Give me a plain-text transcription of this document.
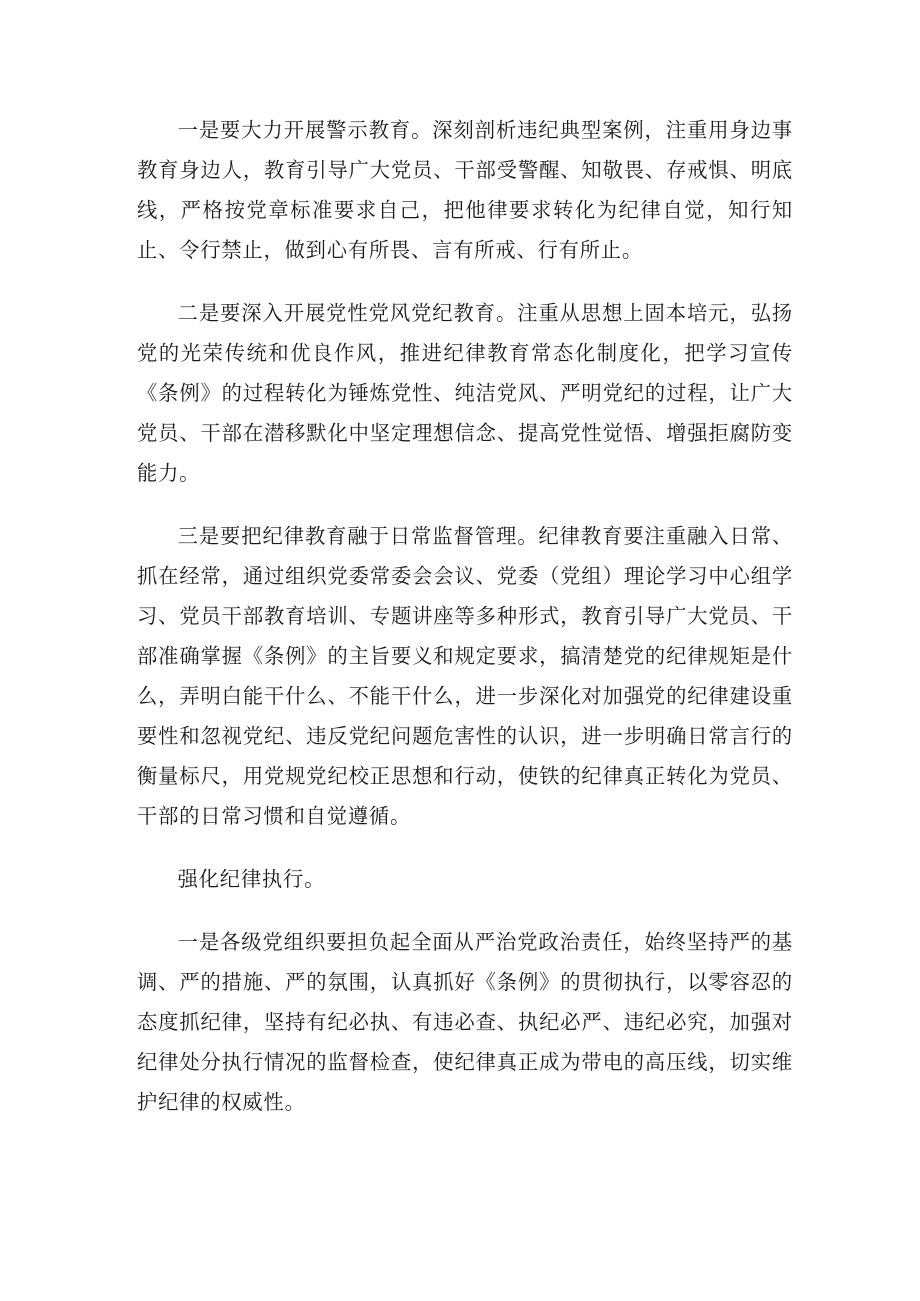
一是要大力开展警示教育。深刻剖析违纪典型案例，注重用身边事教育身边人，教育引导广大党员、干部受警醒、知敬畏、存戒惧、明底线，严格按党章标准要求自己，把他律要求转化为纪律自觉，知行知止、令行禁止，做到心有所畏、言有所戒、行有所止。

二是要深入开展党性党风党纪教育。注重从思想上固本培元，弘扬党的光荣传统和优良作风，推进纪律教育常态化制度化，把学习宣传《条例》的过程转化为锤炼党性、纯洁党风、严明党纪的过程，让广大党员、干部在潜移默化中坚定理想信念、提高党性觉悟、增强拒腐防变能力。

三是要把纪律教育融于日常监督管理。纪律教育要注重融入日常、抓在经常，通过组织党委常委会会议、党委（党组）理论学习中心组学习、党员干部教育培训、专题讲座等多种形式，教育引导广大党员、干部准确掌握《条例》的主旨要义和规定要求，搞清楚党的纪律规矩是什么，弄明白能干什么、不能干什么，进一步深化对加强党的纪律建设重要性和忽视党纪、违反党纪问题危害性的认识，进一步明确日常言行的衡量标尺，用党规党纪校正思想和行动，使铁的纪律真正转化为党员、干部的日常习惯和自觉遵循。

强化纪律执行。

一是各级党组织要担负起全面从严治党政治责任，始终坚持严的基调、严的措施、严的氛围，认真抓好《条例》的贯彻执行，以零容忍的态度抓纪律，坚持有纪必执、有违必查、执纪必严、违纪必究，加强对纪律处分执行情况的监督检查，使纪律真正成为带电的高压线，切实维护纪律的权威性。
